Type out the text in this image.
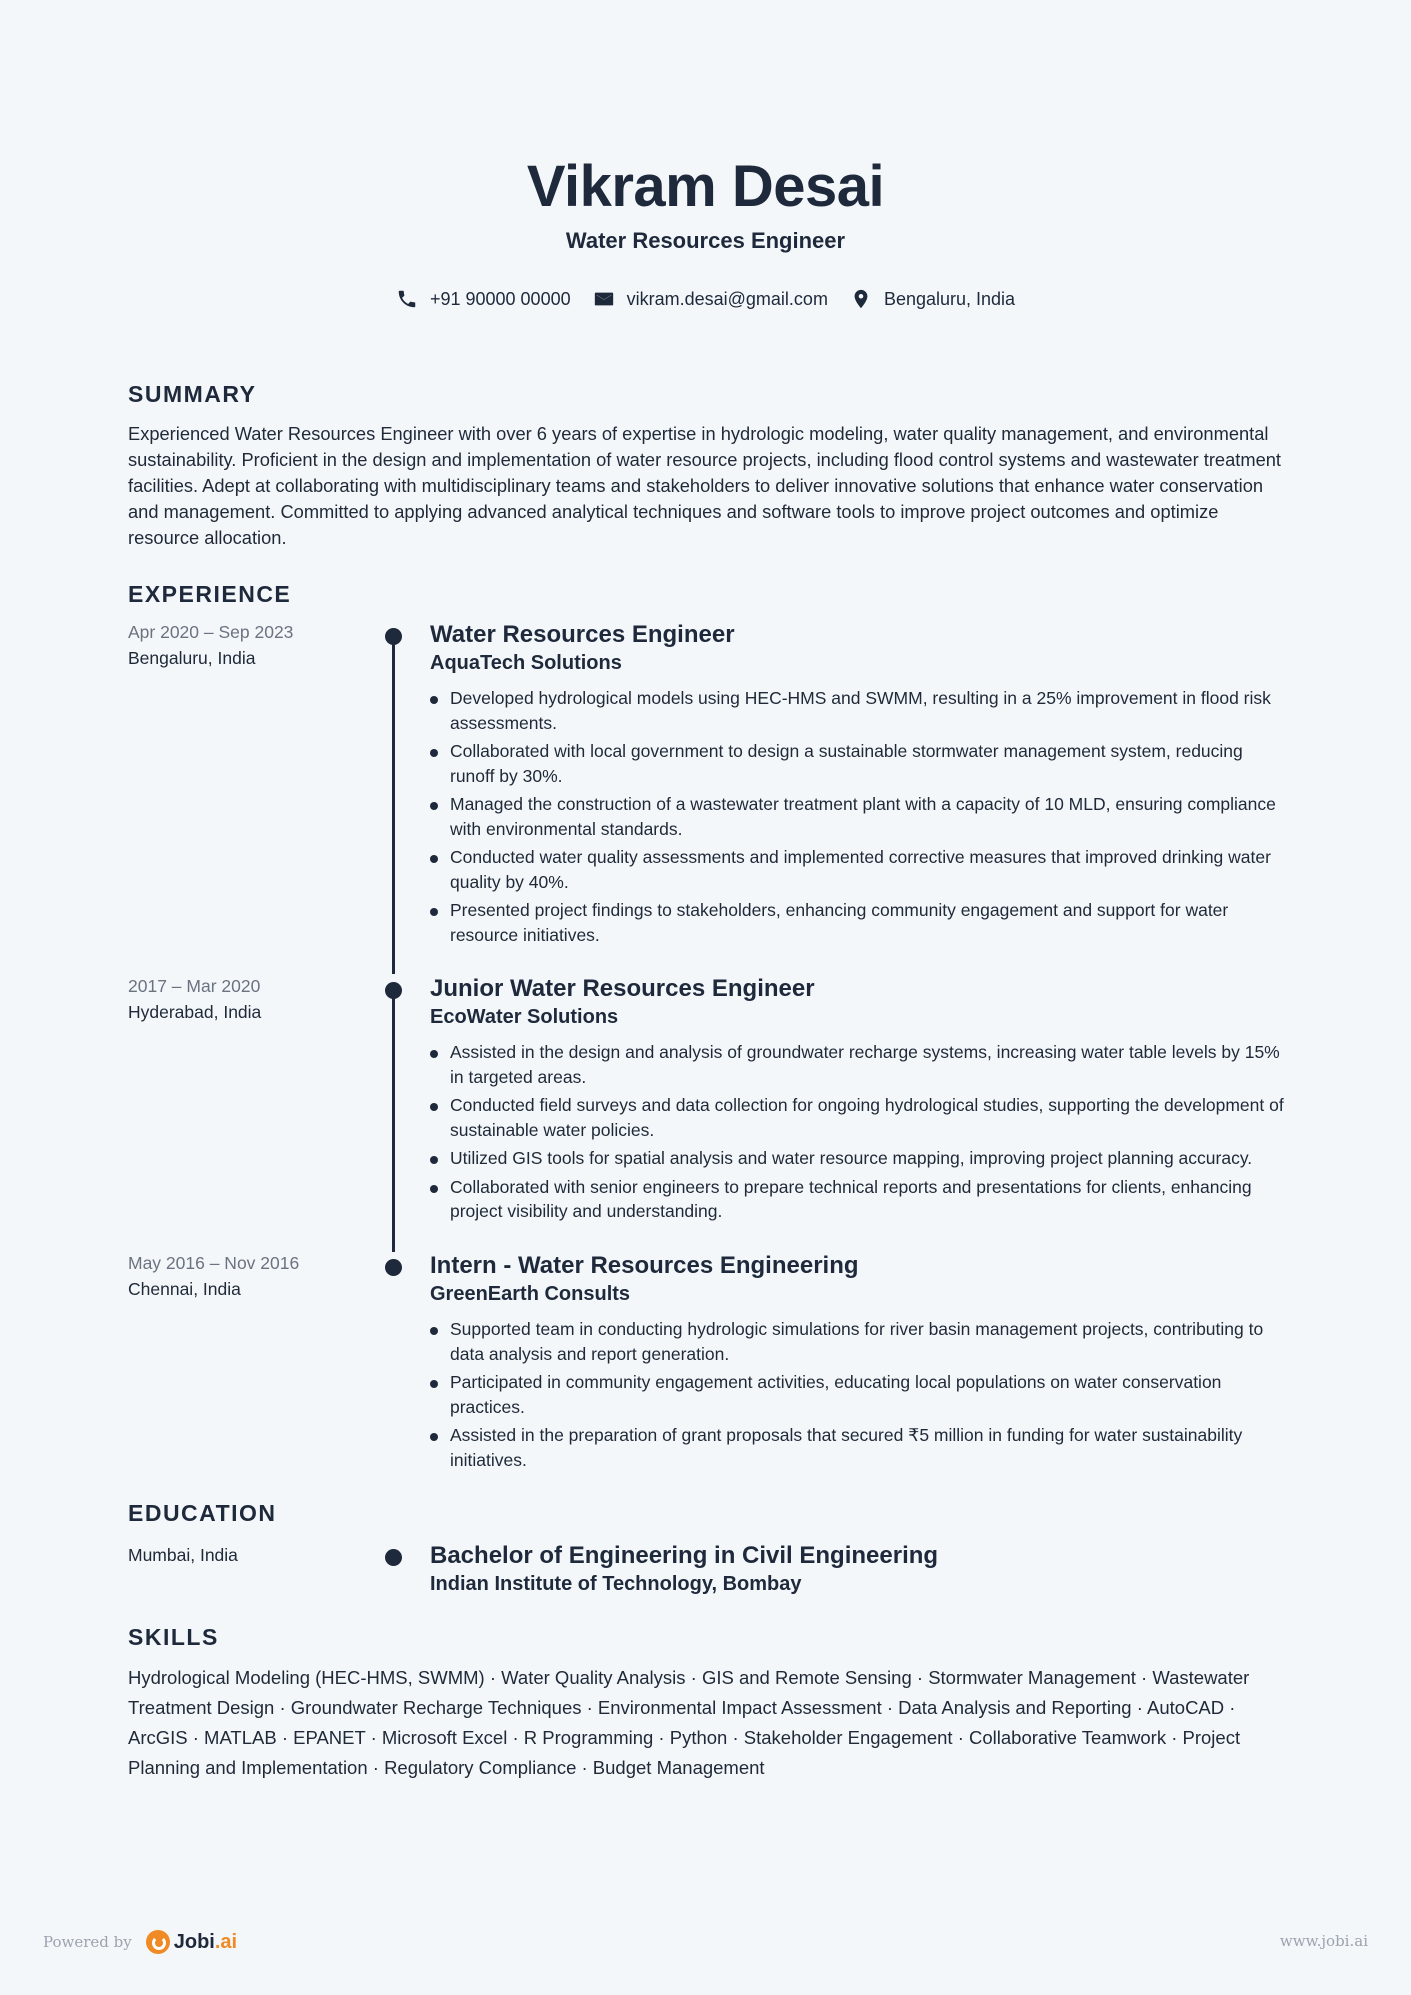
Vikram Desai
Water Resources Engineer
+91 90000 00000	vikram.desai@gmail.com	Bengaluru, India
SUMMARY
Experienced Water Resources Engineer with over 6 years of expertise in hydrologic modeling, water quality management, and environmental sustainability. Proficient in the design and implementation of water resource projects, including flood control systems and wastewater treatment facilities. Adept at collaborating with multidisciplinary teams and stakeholders to deliver innovative solutions that enhance water conservation and management. Committed to applying advanced analytical techniques and software tools to improve project outcomes and optimize resource allocation.
EXPERIENCE
Apr 2020 – Sep 2023
Bengaluru, India
Water Resources Engineer
AquaTech Solutions
Developed hydrological models using HEC-HMS and SWMM, resulting in a 25% improvement in flood risk assessments.
Collaborated with local government to design a sustainable stormwater management system, reducing runoff by 30%.
Managed the construction of a wastewater treatment plant with a capacity of 10 MLD, ensuring compliance with environmental standards.
Conducted water quality assessments and implemented corrective measures that improved drinking water quality by 40%.
Presented project findings to stakeholders, enhancing community engagement and support for water resource initiatives.
2017 – Mar 2020
Hyderabad, India
Junior Water Resources Engineer
EcoWater Solutions
Assisted in the design and analysis of groundwater recharge systems, increasing water table levels by 15% in targeted areas.
Conducted field surveys and data collection for ongoing hydrological studies, supporting the development of sustainable water policies.
Utilized GIS tools for spatial analysis and water resource mapping, improving project planning accuracy.
Collaborated with senior engineers to prepare technical reports and presentations for clients, enhancing project visibility and understanding.
May 2016 – Nov 2016
Chennai, India
Intern - Water Resources Engineering
GreenEarth Consults
Supported team in conducting hydrologic simulations for river basin management projects, contributing to data analysis and report generation.
Participated in community engagement activities, educating local populations on water conservation practices.
Assisted in the preparation of grant proposals that secured ₹5 million in funding for water sustainability initiatives.
EDUCATION
Mumbai, India	Bachelor of Engineering in Civil Engineering
Indian Institute of Technology, Bombay
SKILLS
Hydrological Modeling (HEC-HMS, SWMM) · Water Quality Analysis · GIS and Remote Sensing · Stormwater Management · Wastewater Treatment Design · Groundwater Recharge Techniques · Environmental Impact Assessment · Data Analysis and Reporting · AutoCAD · ArcGIS · MATLAB · EPANET · Microsoft Excel · R Programming · Python · Stakeholder Engagement · Collaborative Teamwork · Project Planning and Implementation · Regulatory Compliance · Budget Management
Powered by Jobi.ai	www.jobi.ai
